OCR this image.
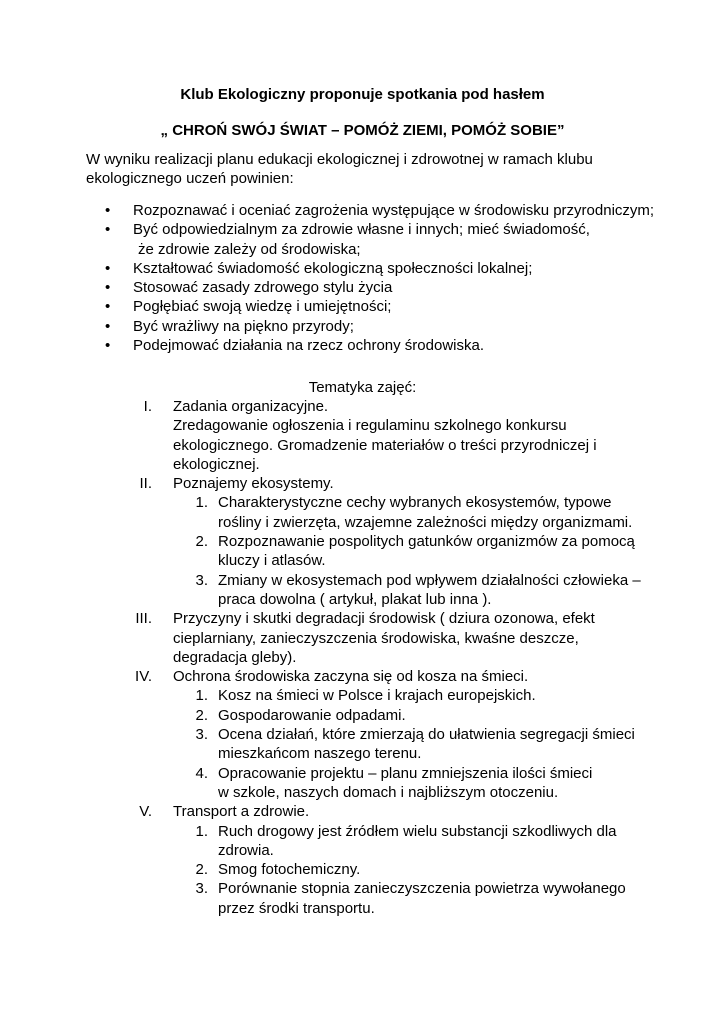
Klub Ekologiczny proponuje spotkania pod hasłem
„ CHROŃ SWÓJ ŚWIAT – POMÓŻ ZIEMI, POMÓŻ SOBIE”
W wyniku realizacji planu edukacji ekologicznej i zdrowotnej w ramach klubu
ekologicznego uczeń powinien:
• Rozpoznawać i oceniać zagrożenia występujące w środowisku przyrodniczym;
• Być odpowiedzialnym za zdrowie własne i innych; mieć świadomość,
że zdrowie zależy od środowiska;
• Kształtować świadomość ekologiczną społeczności lokalnej;
• Stosować zasady zdrowego stylu życia
• Pogłębiać swoją wiedzę i umiejętności;
• Być wrażliwy na piękno przyrody;
• Podejmować działania na rzecz ochrony środowiska.
Tematyka zajęć:
I. Zadania organizacyjne.
Zredagowanie ogłoszenia i regulaminu szkolnego konkursu
ekologicznego. Gromadzenie materiałów o treści przyrodniczej i
ekologicznej.
II. Poznajemy ekosystemy.
1. Charakterystyczne cechy wybranych ekosystemów, typowe
rośliny i zwierzęta, wzajemne zależności między organizmami.
2. Rozpoznawanie pospolitych gatunków organizmów za pomocą
kluczy i atlasów.
3. Zmiany w ekosystemach pod wpływem działalności człowieka –
praca dowolna ( artykuł, plakat lub inna ).
III. Przyczyny i skutki degradacji środowisk ( dziura ozonowa, efekt
cieplarniany, zanieczyszczenia środowiska, kwaśne deszcze,
degradacja gleby).
IV. Ochrona środowiska zaczyna się od kosza na śmieci.
1. Kosz na śmieci w Polsce i krajach europejskich.
2. Gospodarowanie odpadami.
3. Ocena działań, które zmierzają do ułatwienia segregacji śmieci
mieszkańcom naszego terenu.
4. Opracowanie projektu – planu zmniejszenia ilości śmieci
w szkole, naszych domach i najbliższym otoczeniu.
V. Transport a zdrowie.
1. Ruch drogowy jest źródłem wielu substancji szkodliwych dla
zdrowia.
2. Smog fotochemiczny.
3. Porównanie stopnia zanieczyszczenia powietrza wywołanego
przez środki transportu.
